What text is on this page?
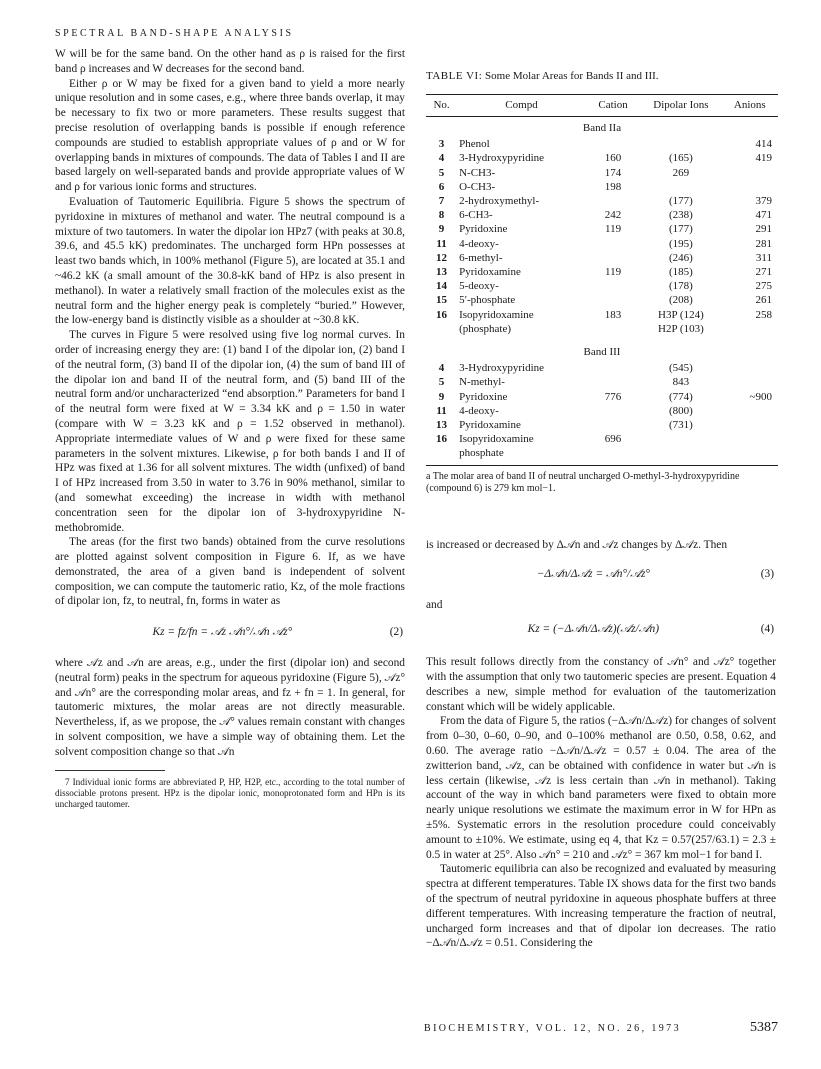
SPECTRAL BAND-SHAPE ANALYSIS

W will be for the same band. On the other hand as ρ is raised for the first band ρ increases and W decreases for the second band.

Either ρ or W may be fixed for a given band to yield a more nearly unique resolution and in some cases, e.g., where three bands overlap, it may be necessary to fix two or more parameters. These results suggest that precise resolution of overlapping bands is possible if enough reference compounds are studied to establish appropriate values of ρ and or W for overlapping bands in mixtures of compounds. The data of Tables I and II are based largely on well-separated bands and provide appropriate values of W and ρ for various ionic forms and structures.

Evaluation of Tautomeric Equilibria. Figure 5 shows the spectrum of pyridoxine in mixtures of methanol and water. The neutral compound is a mixture of two tautomers. In water the dipolar ion HPz7 (with peaks at 30.8, 39.6, and 45.5 kK) predominates. The uncharged form HPn possesses at least two bands which, in 100% methanol (Figure 5), are located at 35.1 and ~46.2 kK (a small amount of the 30.8-kK band of HPz is also present in methanol). In water a relatively small fraction of the molecules exist as the neutral form and the higher energy peak is completely “buried.” However, the low-energy band is distinctly visible as a shoulder at ~30.8 kK.

The curves in Figure 5 were resolved using five log normal curves. In order of increasing energy they are: (1) band I of the dipolar ion, (2) band I of the neutral form, (3) band II of the dipolar ion, (4) the sum of band III of the dipolar ion and band II of the neutral form, and (5) band III of the neutral form and/or uncharacterized “end absorption.” Parameters for band I of the neutral form were fixed at W = 3.34 kK and ρ = 1.50 in water (compare with W = 3.23 kK and ρ = 1.52 observed in methanol). Appropriate intermediate values of W and ρ were fixed for these same parameters in the solvent mixtures. Likewise, ρ for both bands I and II of HPz was fixed at 1.36 for all solvent mixtures. The width (unfixed) of band I of HPz increased from 3.50 in water to 3.76 in 90% methanol, similar to (and somewhat exceeding) the increase in width with methanol concentration seen for the dipolar ion of 3-hydroxypyridine N-methobromide.

The areas (for the first two bands) obtained from the curve resolutions are plotted against solvent composition in Figure 6. If, as we have demonstrated, the area of a given band is independent of solvent composition, we can compute the tautomeric ratio, Kz, of the mole fractions of dipolar ion, fz, to neutral, fn, forms in water as

Kz = fz/fn = 𝒜z 𝒜n°/𝒜n 𝒜z°	(2)

where 𝒜z and 𝒜n are areas, e.g., under the first (dipolar ion) and second (neutral form) peaks in the spectrum for aqueous pyridoxine (Figure 5), 𝒜z° and 𝒜n° are the corresponding molar areas, and fz + fn = 1. In general, for tautomeric mixtures, the molar areas are not directly measurable. Nevertheless, if, as we propose, the 𝒜° values remain constant with changes in solvent composition, we have a simple way of obtaining them. Let the solvent composition change so that 𝒜n

7 Individual ionic forms are abbreviated P, HP, H2P, etc., according to the total number of dissociable protons present. HPz is the dipolar ionic, monoprotonated form and HPn is its uncharged tautomer.

TABLE VI: Some Molar Areas for Bands II and III.
No.	Compd	Cation	Dipolar Ions	Anions
Band IIa				
3	Phenol			414
4	3-Hydroxypyridine	160	(165)	419
5	N-CH3-	174	269	
6	O-CH3-	198		
7	2-hydroxymethyl-		(177)	379
8	6-CH3-	242	(238)	471
9	Pyridoxine	119	(177)	291
11	4-deoxy-		(195)	281
12	6-methyl-		(246)	311
13	Pyridoxamine	119	(185)	271
14	5-deoxy-		(178)	275
15	5′-phosphate		(208)	261
16	Isopyridoxamine	183	H3P (124)	258
	(phosphate)		H2P (103)	
Band III				
4	3-Hydroxypyridine		(545)	
5	N-methyl-		843	
9	Pyridoxine	776	(774)	~900
11	4-deoxy-		(800)	
13	Pyridoxamine		(731)	
16	Isopyridoxamine	696		
	phosphate			
a The molar area of band II of neutral uncharged O-methyl-3-hydroxypyridine (compound 6) is 279 km mol−1.

is increased or decreased by Δ𝒜n and 𝒜z changes by Δ𝒜z. Then

−Δ𝒜n/Δ𝒜z = 𝒜n°/𝒜z°	(3)

and

Kz = (−Δ𝒜n/Δ𝒜z)(𝒜z/𝒜n)	(4)

This result follows directly from the constancy of 𝒜n° and 𝒜z° together with the assumption that only two tautomeric species are present. Equation 4 describes a new, simple method for evaluation of the tautomerization constant which will be widely applicable.

From the data of Figure 5, the ratios (−Δ𝒜n/Δ𝒜z) for changes of solvent from 0–30, 0–60, 0–90, and 0–100% methanol are 0.50, 0.58, 0.62, and 0.60. The average ratio −Δ𝒜n/Δ𝒜z = 0.57 ± 0.04. The area of the zwitterion band, 𝒜z, can be obtained with confidence in water but 𝒜n is less certain (likewise, 𝒜z is less certain than 𝒜n in methanol). Taking account of the way in which band parameters were fixed to obtain more nearly unique resolutions we estimate the maximum error in W for HPn as ±5%. Systematic errors in the resolution procedure could conceivably amount to ±10%. We estimate, using eq 4, that Kz = 0.57(257/63.1) = 2.3 ± 0.5 in water at 25°. Also 𝒜n° = 210 and 𝒜z° = 367 km mol−1 for band I.

Tautomeric equilibria can also be recognized and evaluated by measuring spectra at different temperatures. Table IX shows data for the first two bands of the spectrum of neutral pyridoxine in aqueous phosphate buffers at three different temperatures. With increasing temperature the fraction of neutral, uncharged form increases and that of dipolar ion decreases. The ratio −Δ𝒜n/Δ𝒜z = 0.51. Considering the

BIOCHEMISTRY, VOL. 12, NO. 26, 1973	5387
